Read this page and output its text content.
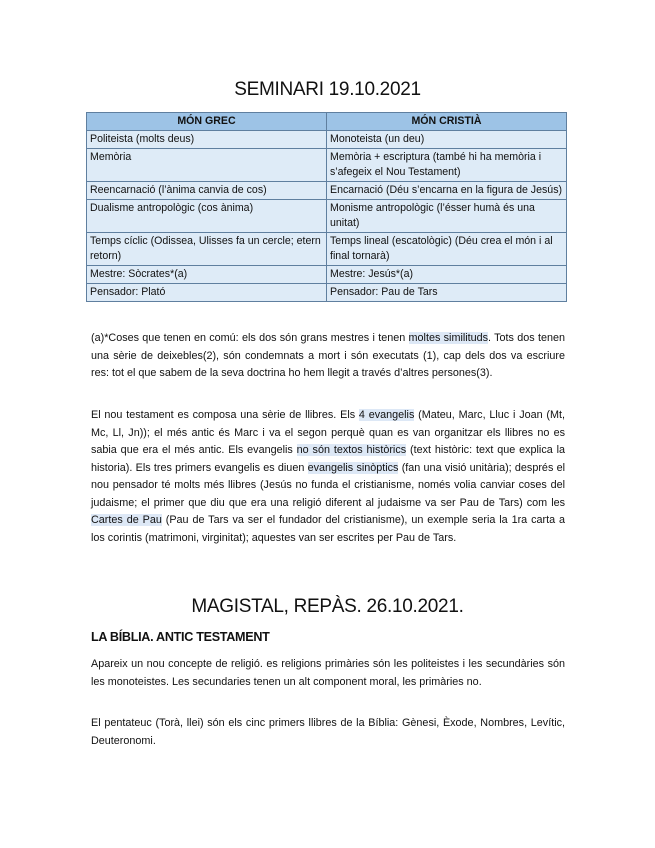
SEMINARI 19.10.2021
MÓN GREC	MÓN CRISTIÀ
Politeista (molts deus)	Monoteista (un deu)
Memòria	Memòria + escriptura (també hi ha memòria i s’afegeix el Nou Testament)
Reencarnació (l’ànima canvia de cos)	Encarnació (Déu s’encarna en la figura de Jesús)
Dualisme antropològic (cos ànima)	Monisme antropològic (l’ésser humà és una unitat)
Temps cíclic (Odissea, Ulisses fa un cercle; etern retorn)	Temps lineal (escatològic) (Déu crea el món i al final tornarà)
Mestre: Sòcrates*(a)	Mestre: Jesús*(a)
Pensador: Plató	Pensador: Pau de Tars

(a)*Coses que tenen en comú: els dos són grans mestres i tenen moltes similituds. Tots dos tenen una sèrie de deixebles(2), són condemnats a mort i són executats (1), cap dels dos va escriure res: tot el que sabem de la seva doctrina ho hem llegit a través d’altres persones(3).

El nou testament es composa una sèrie de llibres. Els 4 evangelis (Mateu, Marc, Lluc i Joan (Mt, Mc, Ll, Jn)); el més antic és Marc i va el segon perquè quan es van organitzar els llibres no es sabia que era el més antic. Els evangelis no són textos històrics (text històric: text que explica la historia). Els tres primers evangelis es diuen evangelis sinòptics (fan una visió unitària); després el nou pensador té molts més llibres (Jesús no funda el cristianisme, només volia canviar coses del judaisme; el primer que diu que era una religió diferent al judaisme va ser Pau de Tars) com les Cartes de Pau (Pau de Tars va ser el fundador del cristianisme), un exemple seria la 1ra carta a los corintis (matrimoni, virginitat); aquestes van ser escrites per Pau de Tars.

MAGISTAL, REPÀS. 26.10.2021.
LA BÍBLIA. ANTIC TESTAMENT

Apareix un nou concepte de religió. es religions primàries són les politeistes i les secundàries són les monoteistes. Les secundaries tenen un alt component moral, les primàries no.

El pentateuc (Torà, llei) són els cinc primers llibres de la Bíblia: Gènesi, Èxode, Nombres, Levític, Deuteronomi.
